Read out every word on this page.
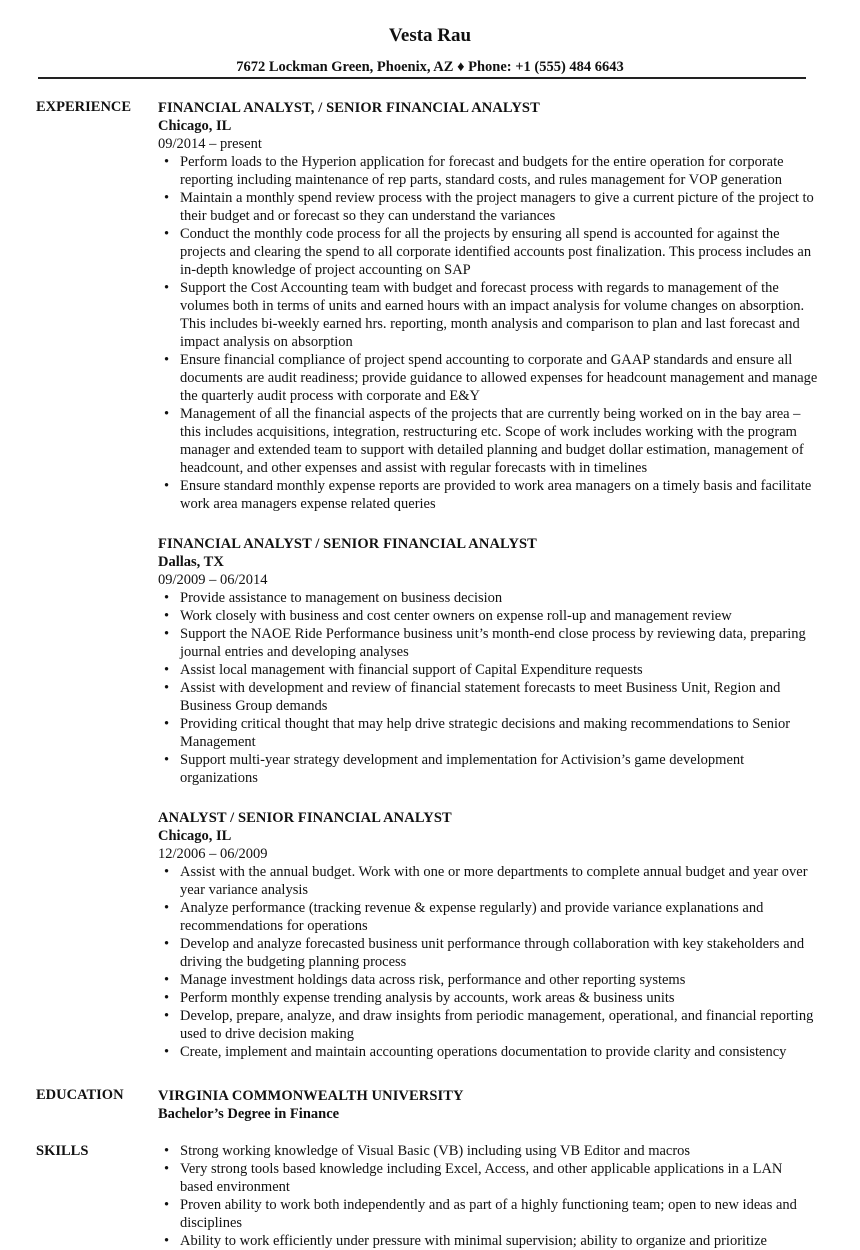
Vesta Rau
7672 Lockman Green, Phoenix, AZ ♦ Phone: +1 (555) 484 6643
EXPERIENCE FINANCIAL ANALYST, / SENIOR FINANCIAL ANALYST
Chicago, IL
09/2014 – present
• Perform loads to the Hyperion application for forecast and budgets for the entire operation for corporate reporting including maintenance of rep parts, standard costs, and rules management for VOP generation
• Maintain a monthly spend review process with the project managers to give a current picture of the project to their budget and or forecast so they can understand the variances
• Conduct the monthly code process for all the projects by ensuring all spend is accounted for against the projects and clearing the spend to all corporate identified accounts post finalization. This process includes an in-depth knowledge of project accounting on SAP
• Support the Cost Accounting team with budget and forecast process with regards to management of the volumes both in terms of units and earned hours with an impact analysis for volume changes on absorption. This includes bi-weekly earned hrs. reporting, month analysis and comparison to plan and last forecast and impact analysis on absorption
• Ensure financial compliance of project spend accounting to corporate and GAAP standards and ensure all documents are audit readiness; provide guidance to allowed expenses for headcount management and manage the quarterly audit process with corporate and E&Y
• Management of all the financial aspects of the projects that are currently being worked on in the bay area – this includes acquisitions, integration, restructuring etc. Scope of work includes working with the program manager and extended team to support with detailed planning and budget dollar estimation, management of headcount, and other expenses and assist with regular forecasts with in timelines
• Ensure standard monthly expense reports are provided to work area managers on a timely basis and facilitate work area managers expense related queries
FINANCIAL ANALYST / SENIOR FINANCIAL ANALYST
Dallas, TX
09/2009 – 06/2014
• Provide assistance to management on business decision
• Work closely with business and cost center owners on expense roll-up and management review
• Support the NAOE Ride Performance business unit’s month-end close process by reviewing data, preparing journal entries and developing analyses
• Assist local management with financial support of Capital Expenditure requests
• Assist with development and review of financial statement forecasts to meet Business Unit, Region and Business Group demands
• Providing critical thought that may help drive strategic decisions and making recommendations to Senior Management
• Support multi-year strategy development and implementation for Activision’s game development organizations
ANALYST / SENIOR FINANCIAL ANALYST
Chicago, IL
12/2006 – 06/2009
• Assist with the annual budget. Work with one or more departments to complete annual budget and year over year variance analysis
• Analyze performance (tracking revenue & expense regularly) and provide variance explanations and recommendations for operations
• Develop and analyze forecasted business unit performance through collaboration with key stakeholders and driving the budgeting planning process
• Manage investment holdings data across risk, performance and other reporting systems
• Perform monthly expense trending analysis by accounts, work areas & business units
• Develop, prepare, analyze, and draw insights from periodic management, operational, and financial reporting used to drive decision making
• Create, implement and maintain accounting operations documentation to provide clarity and consistency
EDUCATION VIRGINIA COMMONWEALTH UNIVERSITY
Bachelor’s Degree in Finance
SKILLS
•	Strong working knowledge of Visual Basic (VB) including using VB Editor and macros
• Very strong tools based knowledge including Excel, Access, and other applicable applications in a LAN based environment
• Proven ability to work both independently and as part of a highly functioning team; open to new ideas and disciplines
• Ability to work efficiently under pressure with minimal supervision; ability to organize and prioritize
